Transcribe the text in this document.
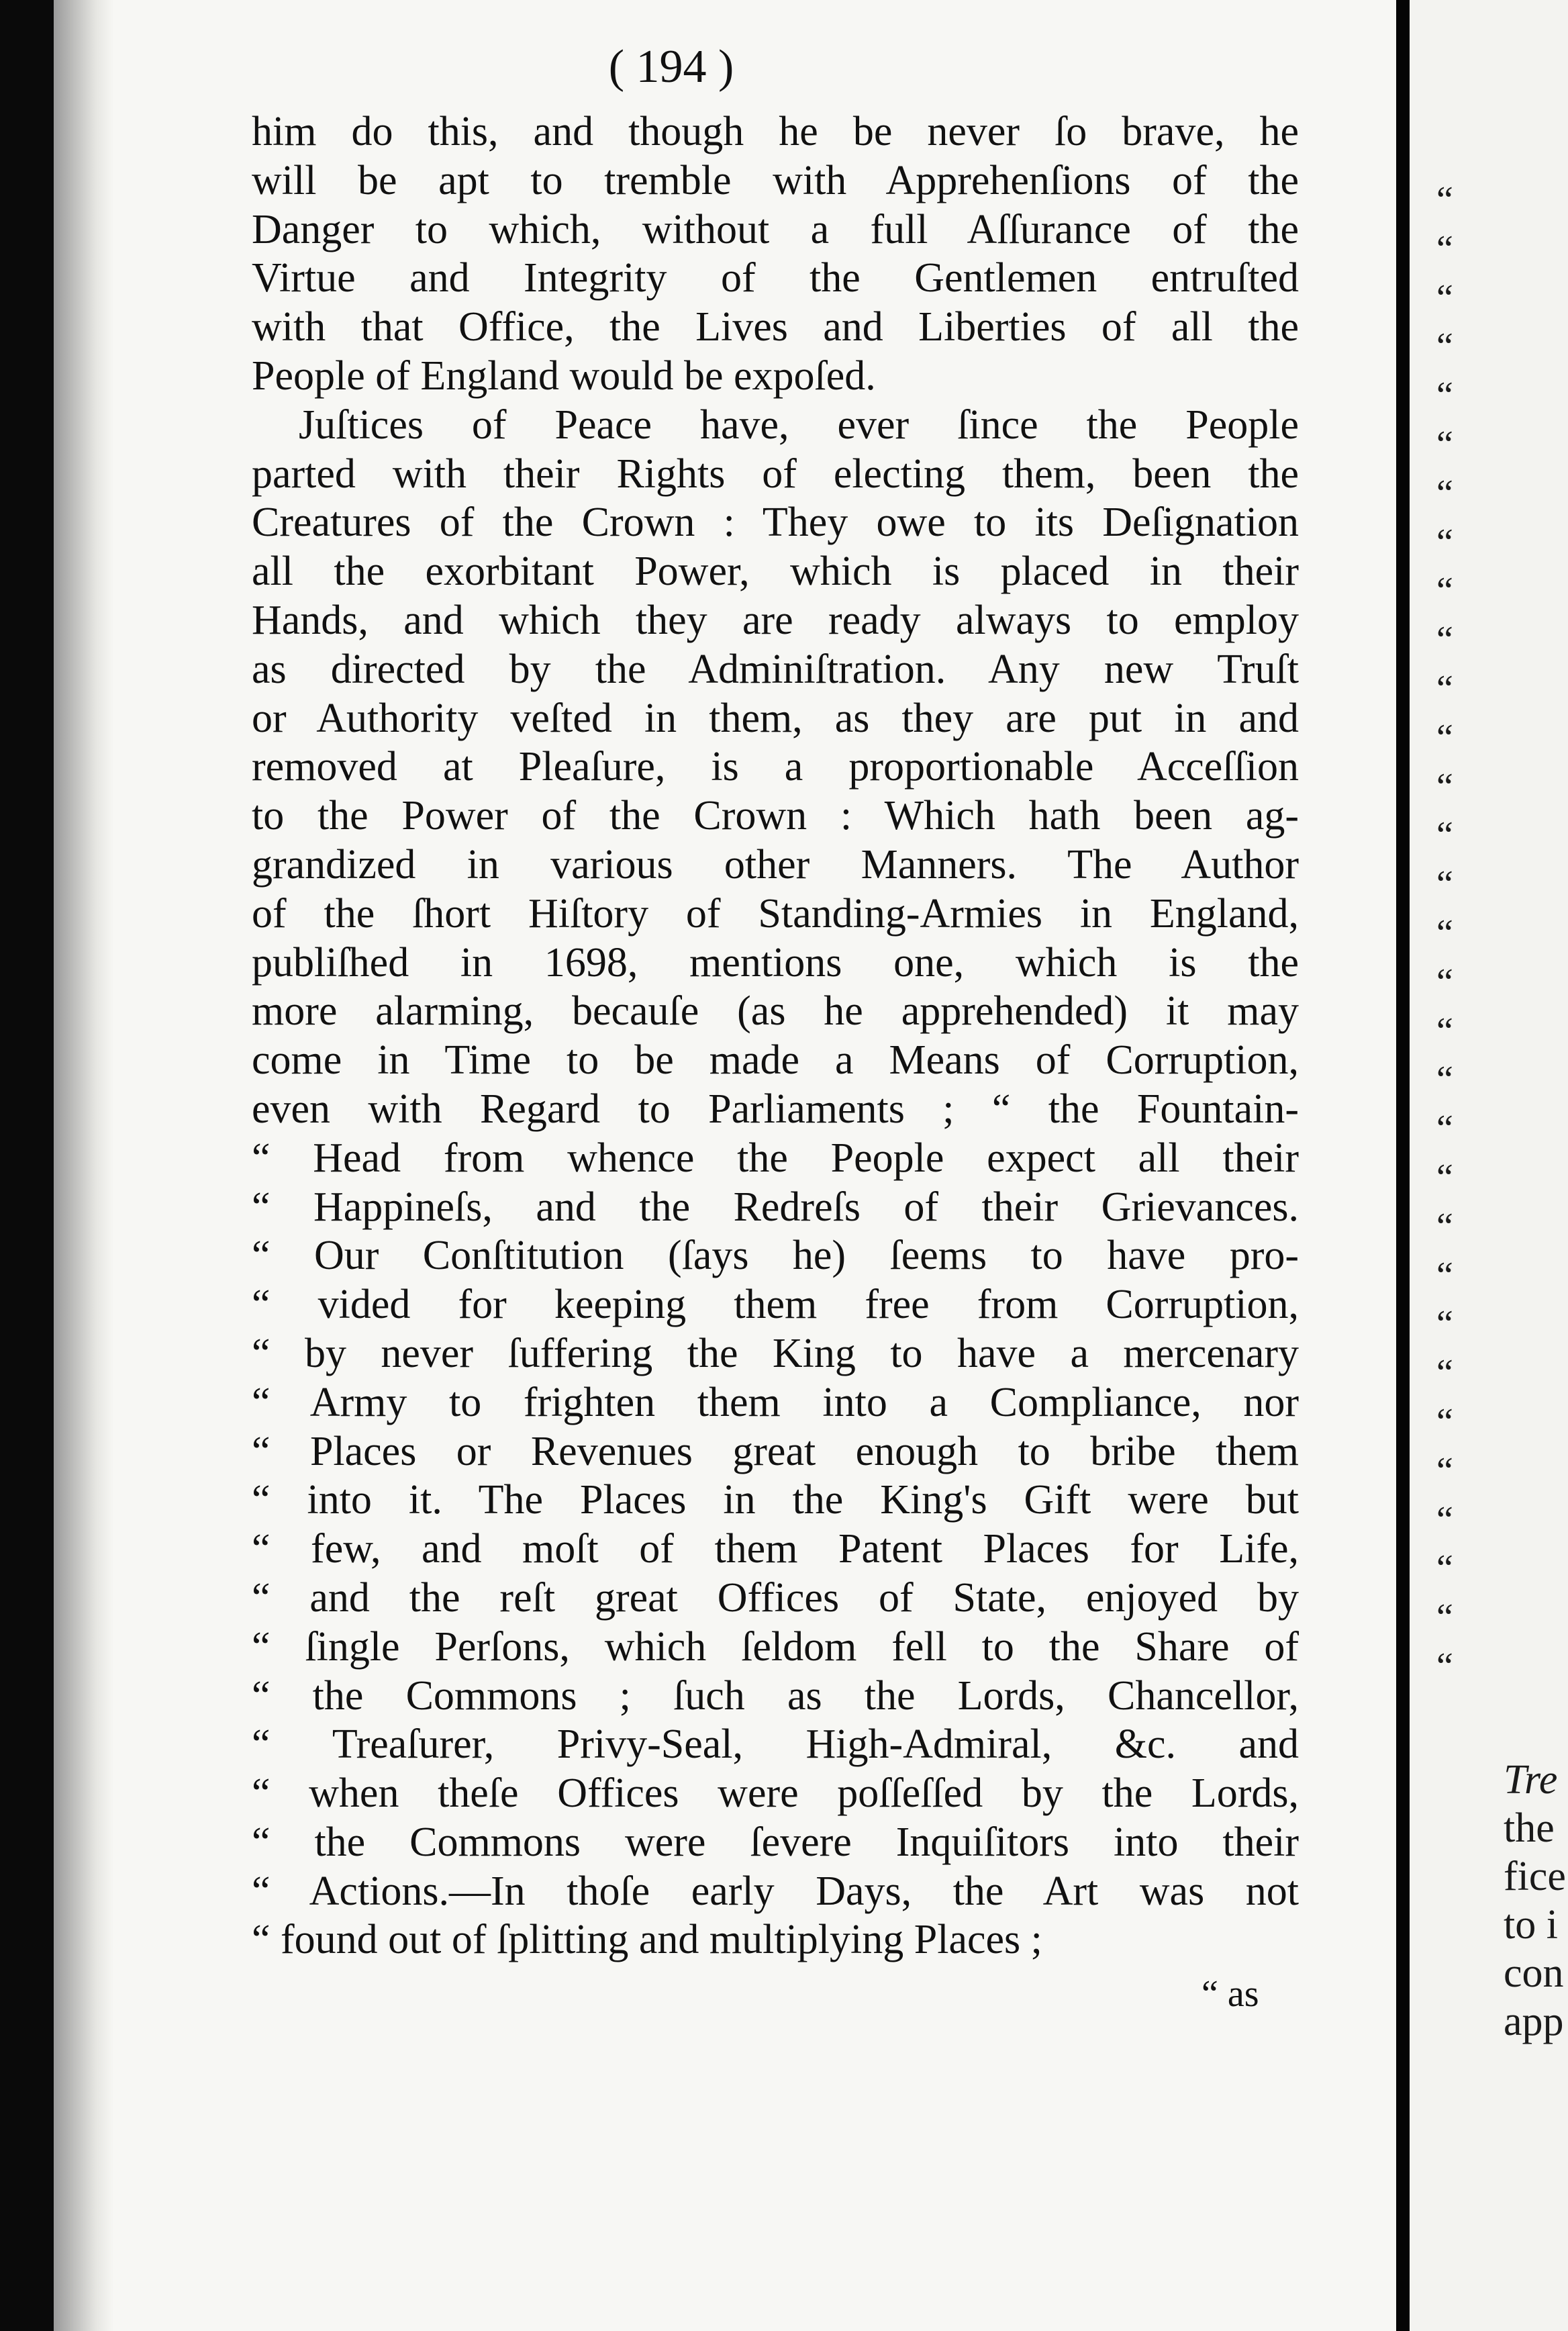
( 194 )
him do this, and though he be never ſo brave, he
will be apt to tremble with Apprehenſions of the
Danger to which, without a full Aſſurance of the
Virtue and Integrity of the Gentlemen entruſted
with that Office, the Lives and Liberties of all the
People of England would be expoſed.
Juſtices of Peace have, ever ſince the People
parted with their Rights of electing them, been the
Creatures of the Crown : They owe to its Deſignation
all the exorbitant Power, which is placed in their
Hands, and which they are ready always to employ
as directed by the Adminiſtration. Any new Truſt
or Authority veſted in them, as they are put in and
removed at Pleaſure, is a proportionable Acceſſion
to the Power of the Crown : Which hath been ag-
grandized in various other Manners. The Author
of the ſhort Hiſtory of Standing-Armies in England,
publiſhed in 1698, mentions one, which is the
more alarming, becauſe (as he apprehended) it may
come in Time to be made a Means of Corruption,
even with Regard to Parliaments ; “ the Fountain-
“ Head from whence the People expect all their
“ Happineſs, and the Redreſs of their Grievances.
“ Our Conſtitution (ſays he) ſeems to have pro-
“ vided for keeping them free from Corruption,
“ by never ſuffering the King to have a mercenary
“ Army to frighten them into a Compliance, nor
“ Places or Revenues great enough to bribe them
“ into it. The Places in the King's Gift were but
“ few, and moſt of them Patent Places for Life,
“ and the reſt great Offices of State, enjoyed by
“ ſingle Perſons, which ſeldom fell to the Share of
“ the Commons ; ſuch as the Lords, Chancellor,
“ Treaſurer, Privy-Seal, High-Admiral, &c. and
“ when theſe Offices were poſſeſſed by the Lords,
“ the Commons were ſevere Inquiſitors into their
“ Actions.—In thoſe early Days, the Art was not
“ found out of ſplitting and multiplying Places ;
“ as
“
“
“
“
“
“
“
“
“
“
“
“
“
“
“
“
“
“
“
“
“
“
“
“
“
“
“
“
“
“
“
Tre
the
fice
to i
con
app
